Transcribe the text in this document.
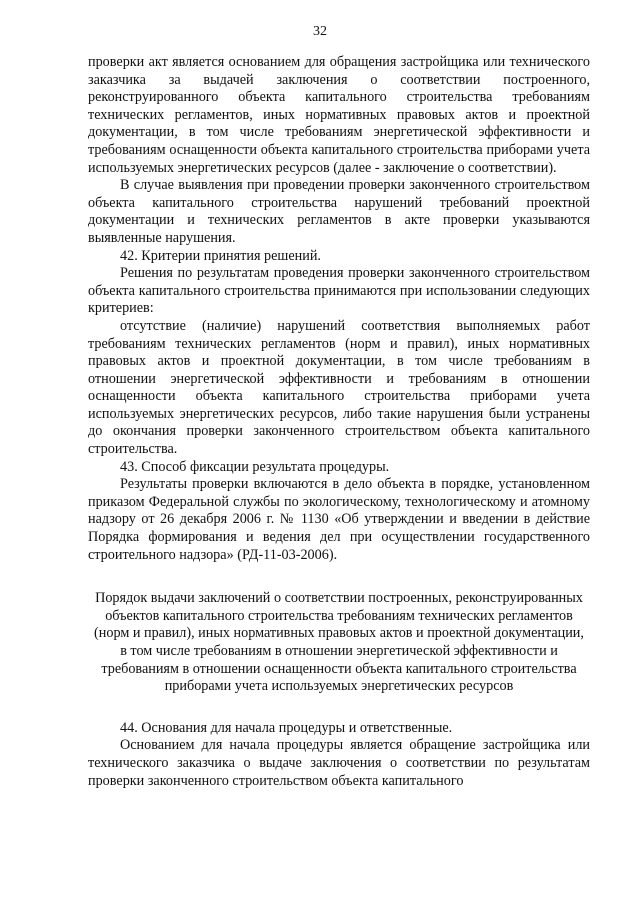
32

проверки акт является основанием для обращения застройщика или технического заказчика за выдачей заключения о соответствии построенного, реконструированного объекта капитального строительства требованиям технических регламентов, иных нормативных правовых актов и проектной документации, в том числе требованиям энергетической эффективности и требованиям оснащенности объекта капитального строительства приборами учета используемых энергетических ресурсов (далее - заключение о соответствии).

В случае выявления при проведении проверки законченного строительством объекта капитального строительства нарушений требований проектной документации и технических регламентов в акте проверки указываются выявленные нарушения.

42. Критерии принятия решений.

Решения по результатам проведения проверки законченного строительством объекта капитального строительства принимаются при использовании следующих критериев:

отсутствие (наличие) нарушений соответствия выполняемых работ требованиям технических регламентов (норм и правил), иных нормативных правовых актов и проектной документации, в том числе требованиям в отношении энергетической эффективности и требованиям в отношении оснащенности объекта капитального строительства приборами учета используемых энергетических ресурсов, либо такие нарушения были устранены до окончания проверки законченного строительством объекта капитального строительства.

43. Способ фиксации результата процедуры.

Результаты проверки включаются в дело объекта в порядке, установленном приказом Федеральной службы по экологическому, технологическому и атомному надзору от 26 декабря 2006 г. № 1130 «Об утверждении и введении в действие Порядка формирования и ведения дел при осуществлении государственного строительного надзора» (РД-11-03-2006).

Порядок выдачи заключений о соответствии построенных, реконструированных объектов капитального строительства требованиям технических регламентов (норм и правил), иных нормативных правовых актов и проектной документации, в том числе требованиям в отношении энергетической эффективности и требованиям в отношении оснащенности объекта капитального строительства приборами учета используемых энергетических ресурсов

44. Основания для начала процедуры и ответственные.

Основанием для начала процедуры является обращение застройщика или технического заказчика о выдаче заключения о соответствии по результатам проверки законченного строительством объекта капитального
